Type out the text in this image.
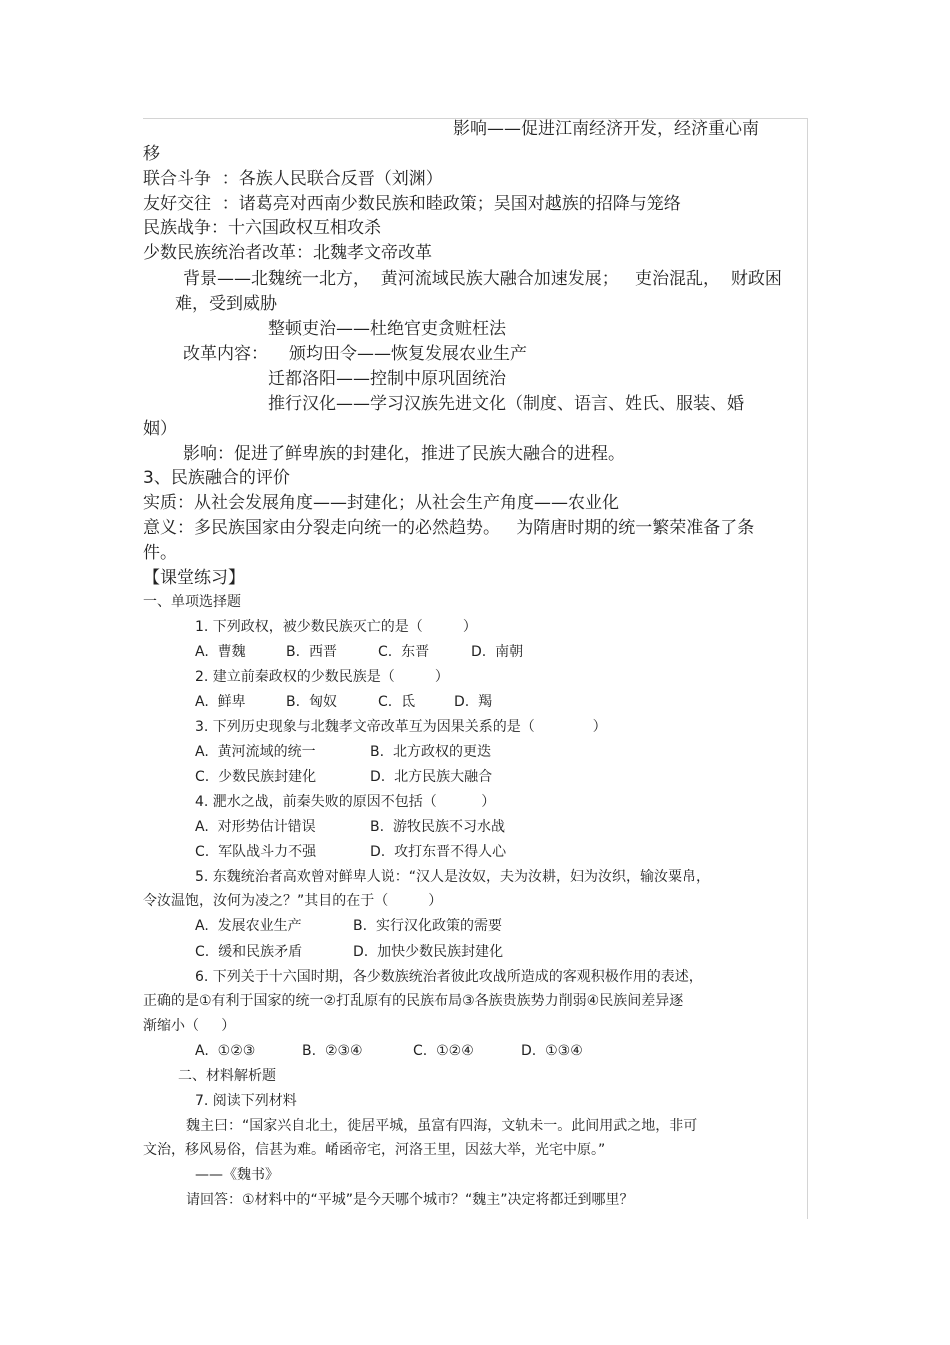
影响——促进江南经济开发，经济重心南
移
联合斗争  ：各族人民联合反晋（刘渊）
友好交往  ：诸葛亮对西南少数民族和睦政策；吴国对越族的招降与笼络
民族战争：十六国政权互相攻杀
少数民族统治者改革：北魏孝文帝改革
背景——北魏统一北方，  黄河流域民族大融合加速发展；   吏治混乱，  财政困
难，受到威胁
整顿吏治——杜绝官吏贪赃枉法
改革内容： 颁均田令——恢复发展农业生产
迁都洛阳——控制中原巩固统治
推行汉化——学习汉族先进文化（制度、语言、姓氏、服装、婚
姻）
影响：促进了鲜卑族的封建化，推进了民族大融合的进程。
3、民族融合的评价
实质：从社会发展角度——封建化；从社会生产角度——农业化
意义：多民族国家由分裂走向统一的必然趋势。   为隋唐时期的统一繁荣准备了条
件。
【课堂练习】
一、单项选择题
1. 下列政权，被少数民族灭亡的是（         ）
A.  曹魏	B.  西晋	C.  东晋	D.  南朝
2. 建立前秦政权的少数民族是（         ）
A.  鲜卑	B.  匈奴	C.  氐	D.  羯
3. 下列历史现象与北魏孝文帝改革互为因果关系的是（             ）
A.  黄河流域的统一	B.  北方政权的更迭
C.  少数民族封建化	D.  北方民族大融合
4. 淝水之战，前秦失败的原因不包括（          ）
A.  对形势估计错误	B.  游牧民族不习水战
C.  军队战斗力不强	D.  攻打东晋不得人心
5. 东魏统治者高欢曾对鲜卑人说：“汉人是汝奴，夫为汝耕，妇为汝织，输汝粟帛，
令汝温饱，汝何为凌之？”其目的在于（         ）
A.  发展农业生产	B.  实行汉化政策的需要
C.  缓和民族矛盾	D.  加快少数民族封建化
6. 下列关于十六国时期，各少数族统治者彼此攻战所造成的客观积极作用的表述，
正确的是①有利于国家的统一②打乱原有的民族布局③各族贵族势力削弱④民族间差异逐
渐缩小（     ）
A.  ①②③	B.  ②③④	C.  ①②④	D.  ①③④
二、材料解析题
7. 阅读下列材料
魏主曰：“国家兴自北土，徙居平城，虽富有四海，文轨未一。此间用武之地，非可
文治，移风易俗，信甚为难。崤函帝宅，河洛王里，因兹大举，光宅中原。”
——《魏书》
请回答：①材料中的“平城”是今天哪个城市？“魏主”决定将都迁到哪里？
